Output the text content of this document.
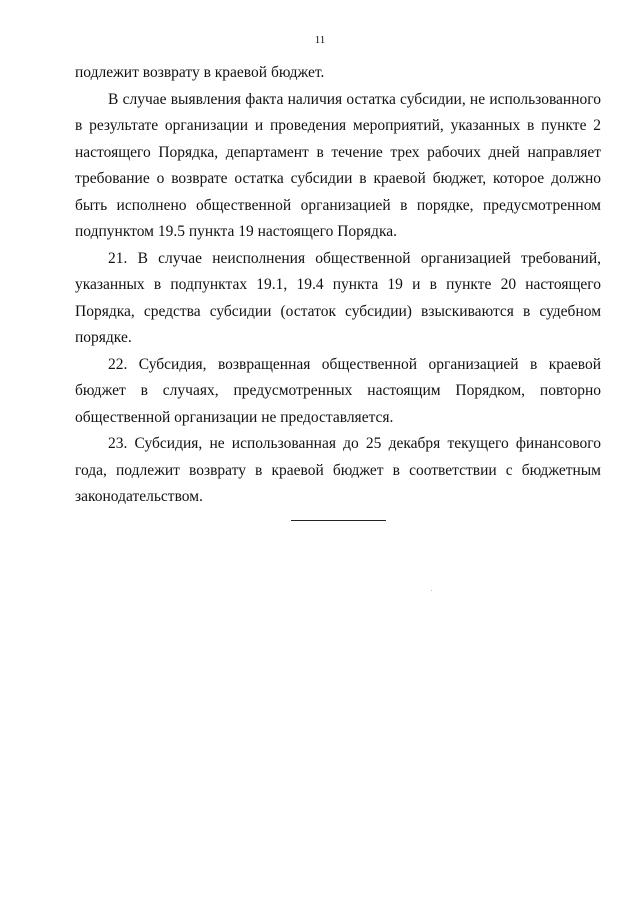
11

подлежит возврату в краевой бюджет.

В случае выявления факта наличия остатка субсидии, не использованного в результате организации и проведения мероприятий, указанных в пункте 2 настоящего Порядка, департамент в течение трех рабочих дней направляет требование о возврате остатка субсидии в краевой бюджет, которое должно быть исполнено общественной организацией в порядке, предусмотренном подпунктом 19.5 пункта 19 настоящего Порядка.

21. В случае неисполнения общественной организацией требований, указанных в подпунктах 19.1, 19.4 пункта 19 и в пункте 20 настоящего Порядка, средства субсидии (остаток субсидии) взыскиваются в судебном порядке.

22. Субсидия, возвращенная общественной организацией в краевой бюджет в случаях, предусмотренных настоящим Порядком, повторно общественной организации не предоставляется.

23. Субсидия, не использованная до 25 декабря текущего финансового года, подлежит возврату в краевой бюджет в соответствии с бюджетным законодательством.
